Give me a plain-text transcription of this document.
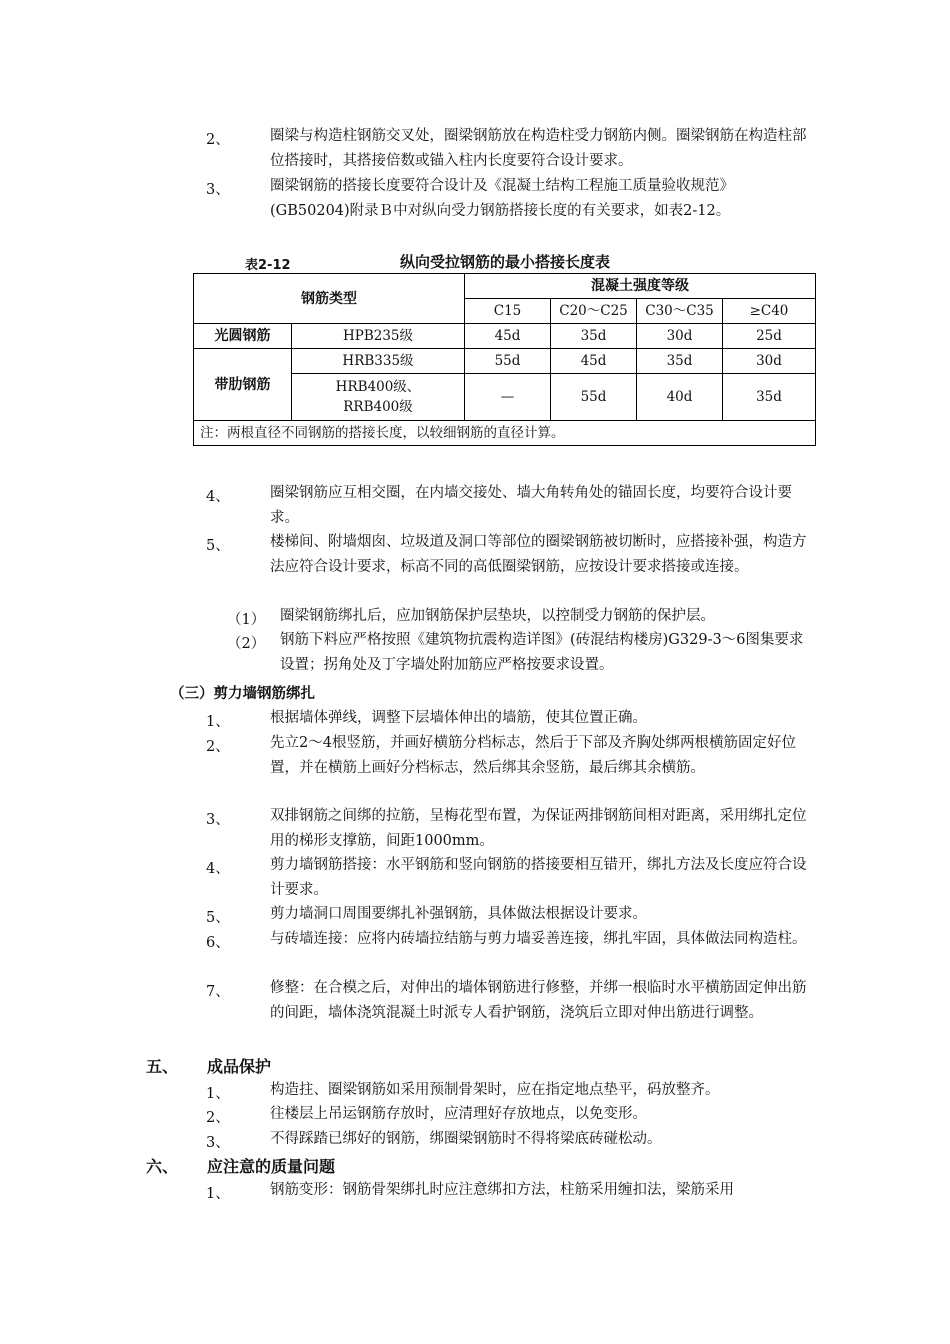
2、	圈梁与构造柱钢筋交叉处，圈梁钢筋放在构造柱受力钢筋内侧。圈梁钢筋在构造柱部位搭接时，其搭接倍数或锚入柱内长度要符合设计要求。
3、	圈梁钢筋的搭接长度要符合设计及《混凝土结构工程施工质量验收规范》(GB50204)附录Ｂ中对纵向受力钢筋搭接长度的有关要求，如表2-12。
表2-12	纵向受拉钢筋的最小搭接长度表
钢筋类型		混凝土强度等级			
		C15	C20～C25	C30～C35	≥C40
光圆钢筋	HPB235级	45d	35d	30d	25d
带肋钢筋	HRB335级	55d	45d	35d	30d
	HRB400级、RRB400级	—	55d	40d	35d
注：两根直径不同钢筋的搭接长度，以较细钢筋的直径计算。					
4、	圈梁钢筋应互相交圈，在内墙交接处、墙大角转角处的锚固长度，均要符合设计要求。
5、	楼梯间、附墙烟囱、垃圾道及洞口等部位的圈梁钢筋被切断时，应搭接补强，构造方法应符合设计要求，标高不同的高低圈梁钢筋，应按设计要求搭接或连接。
（1） 圈梁钢筋绑扎后，应加钢筋保护层垫块，以控制受力钢筋的保护层。
（2） 钢筋下料应严格按照《建筑物抗震构造详图》(砖混结构楼房)G329-3～6图集要求设置；拐角处及丁字墙处附加筋应严格按要求设置。
（三）剪力墙钢筋绑扎
1、	根据墙体弹线，调整下层墙体伸出的墙筋，使其位置正确。
2、	先立2～4根竖筋，并画好横筋分档标志，然后于下部及齐胸处绑两根横筋固定好位置，并在横筋上画好分档标志，然后绑其余竖筋，最后绑其余横筋。
3、	双排钢筋之间绑的拉筋，呈梅花型布置，为保证两排钢筋间相对距离，采用绑扎定位用的梯形支撑筋，间距1000mm。
4、	剪力墙钢筋搭接：水平钢筋和竖向钢筋的搭接要相互错开，绑扎方法及长度应符合设计要求。
5、	剪力墙洞口周围要绑扎补强钢筋，具体做法根据设计要求。
6、	与砖墙连接：应将内砖墙拉结筋与剪力墙妥善连接，绑扎牢固，具体做法同构造柱。
7、	修整：在合模之后，对伸出的墙体钢筋进行修整，并绑一根临时水平横筋固定伸出筋的间距，墙体浇筑混凝土时派专人看护钢筋，浇筑后立即对伸出筋进行调整。
五、 成品保护
1、	构造拄、圈梁钢筋如采用预制骨架时，应在指定地点垫平，码放整齐。
2、	往楼层上吊运钢筋存放时，应清理好存放地点，以免变形。
3、	不得踩踏已绑好的钢筋，绑圈梁钢筋时不得将梁底砖碰松动。
六、 应注意的质量问题
1、	钢筋变形：钢筋骨架绑扎时应注意绑扣方法，柱筋采用缠扣法，梁筋采用
